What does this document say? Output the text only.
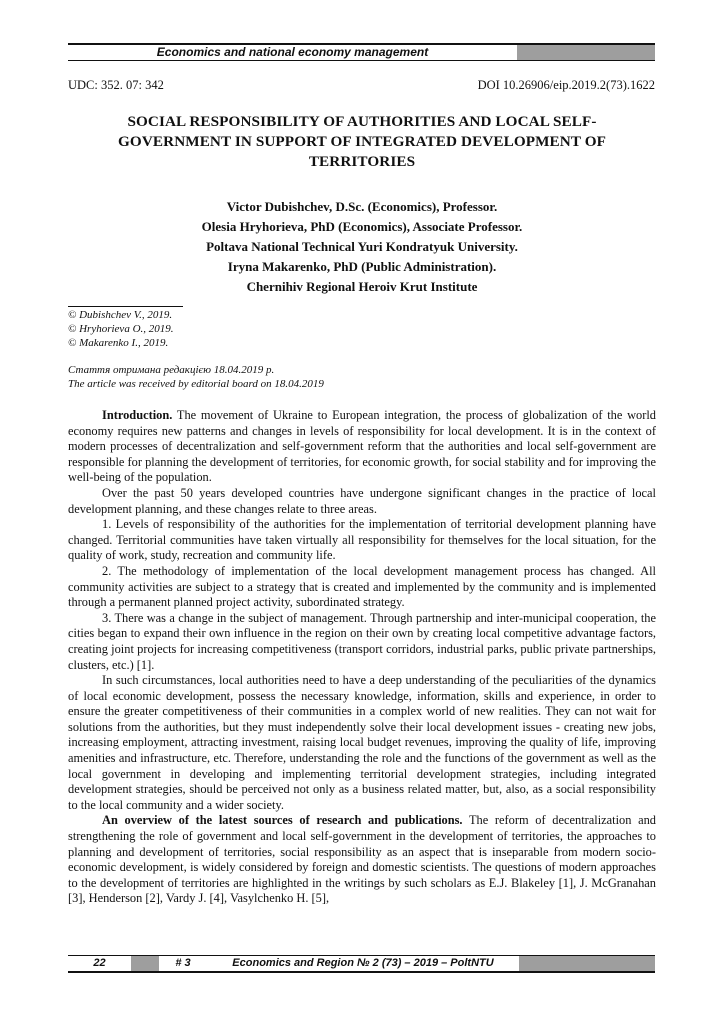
Economics and national economy management
UDC: 352. 07: 342	DOI 10.26906/eip.2019.2(73).1622
SOCIAL RESPONSIBILITY OF AUTHORITIES AND LOCAL SELF-
GOVERNMENT IN SUPPORT OF INTEGRATED DEVELOPMENT OF
TERRITORIES
Victor Dubishchev, D.Sc. (Economics), Professor.
Olesia Hryhorieva, PhD (Economics), Associate Professor.
Poltava National Technical Yuri Kondratyuk University.
Iryna Makarenko, PhD (Public Administration).
Chernihiv Regional Heroiv Krut Institute
© Dubishchev V., 2019.
© Hryhorieva O., 2019.
© Makarenko I., 2019.
Стаття отримана редакцією 18.04.2019 р.
The article was received by editorial board on 18.04.2019

Introduction. The movement of Ukraine to European integration, the process of globalization of the world economy requires new patterns and changes in levels of responsibility for local development. It is in the context of modern processes of decentralization and self-government reform that the authorities and local self-government are responsible for planning the development of territories, for economic growth, for social stability and for improving the well-being of the population.

Over the past 50 years developed countries have undergone significant changes in the practice of local development planning, and these changes relate to three areas.

1. Levels of responsibility of the authorities for the implementation of territorial development planning have changed. Territorial communities have taken virtually all responsibility for themselves for the local situation, for the quality of work, study, recreation and community life.

2. The methodology of implementation of the local development management process has changed. All community activities are subject to a strategy that is created and implemented by the community and is implemented through a permanent planned project activity, subordinated strategy.

3. There was a change in the subject of management. Through partnership and inter-municipal cooperation, the cities began to expand their own influence in the region on their own by creating local competitive advantage factors, creating joint projects for increasing competitiveness (transport corridors, industrial parks, public private partnerships, clusters, etc.) [1].

In such circumstances, local authorities need to have a deep understanding of the peculiarities of the dynamics of local economic development, possess the necessary knowledge, information, skills and experience, in order to ensure the greater competitiveness of their communities in a complex world of new realities. They can not wait for solutions from the authorities, but they must independently solve their local development issues - creating new jobs, increasing employment, attracting investment, raising local budget revenues, improving the quality of life, improving amenities and infrastructure, etc. Therefore, understanding the role and the functions of the government as well as the local government in developing and implementing territorial development strategies, including integrated development strategies, should be perceived not only as a business related matter, but, also, as a social responsibility to the local community and a wider society.

An overview of the latest sources of research and publications. The reform of decentralization and strengthening the role of government and local self-government in the development of territories, the approaches to planning and development of territories, social responsibility as an aspect that is inseparable from modern socio-economic development, is widely considered by foreign and domestic scientists. The questions of modern approaches to the development of territories are highlighted in the writings by such scholars as E.J. Blakeley [1], J. McGranahan [3], Henderson [2], Vardy J. [4], Vasylchenko H. [5],

22	# 3	Economics and Region № 2 (73) – 2019 – PoltNTU
